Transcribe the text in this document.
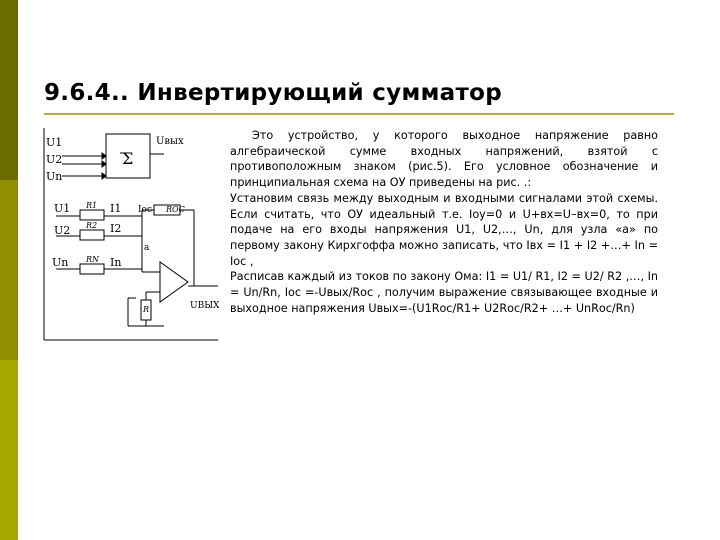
9.6.4.. Инвертирующий сумматор
U1
U2
Un
Σ
Uвых
U1
U2
Un
I1
I2
In
R1
R2
RN
Iос RОС
a
R	UВЫХ

Это устройство, у которого выходное напряжение равно алгебраической сумме входных напряжений, взятой с противоположным знаком (рис.5). Его условное обозначение и принципиальная схема на ОУ приведены на рис. .:

Установим связь между выходным и входными сигналами этой схемы. Если считать, что ОУ идеальный т.е. Iоу=0 и U+вх=U–вх=0, то при подаче на его входы напряжения U1, U2,…, Un, для узла «a» по первому закону Кирхгоффа можно записать, что Iвх = I1 + I2 +…+ In = Iос ,

Расписав каждый из токов по закону Ома: I1 = U1/ R1, I2 = U2/ R2 ,…, In = Un/Rn, Iос =-Uвых/Rос , получим выражение связывающее входные и выходное напряжения Uвых=-(U1Rос/R1+ U2Rос/R2+ …+ UnRос/Rn)
